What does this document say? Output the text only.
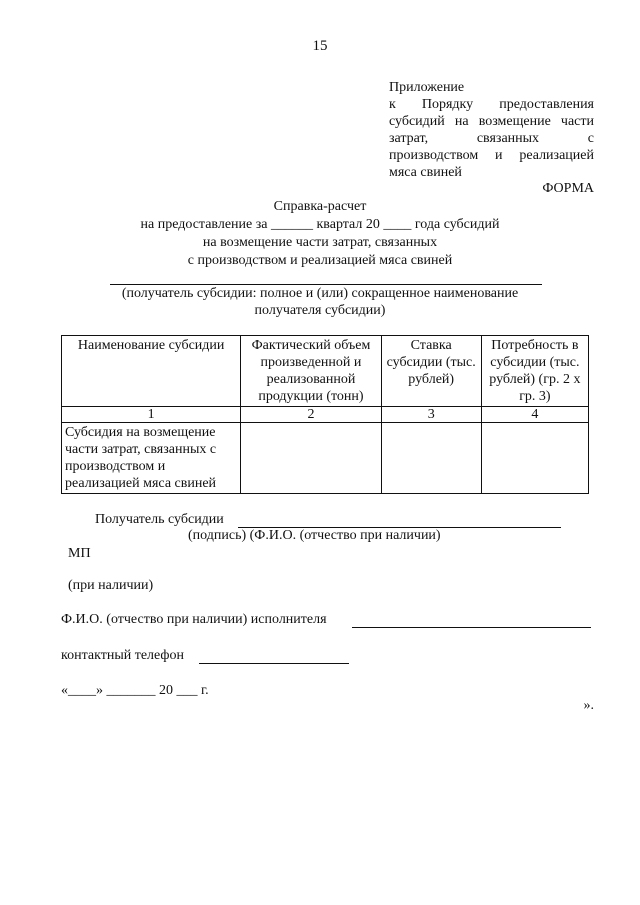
15
Приложение
к Порядку предоставления
субсидий на возмещение части
затрат, связанных с
производством и реализацией
мяса свиней
ФОРМА
Справка-расчет
на предоставление за ______ квартал 20 ____ года субсидий
на возмещение части затрат, связанных
с производством и реализацией мяса свиней
(получатель субсидии: полное и (или) сокращенное наименование
получателя субсидии)
Наименование субсидии	Фактический объем произведенной и реализованной продукции (тонн)	Ставка субсидии (тыс. рублей)	Потребность в субсидии (тыс. рублей) (гр. 2 x гр. 3)
1	2	3	4
Субсидия на возмещение части затрат, связанных с производством и реализацией мяса свиней			
Получатель субсидии
(подпись) (Ф.И.О. (отчество при наличии)
МП
(при наличии)
Ф.И.О. (отчество при наличии) исполнителя
контактный телефон
«____» _______ 20 ___ г.
».
